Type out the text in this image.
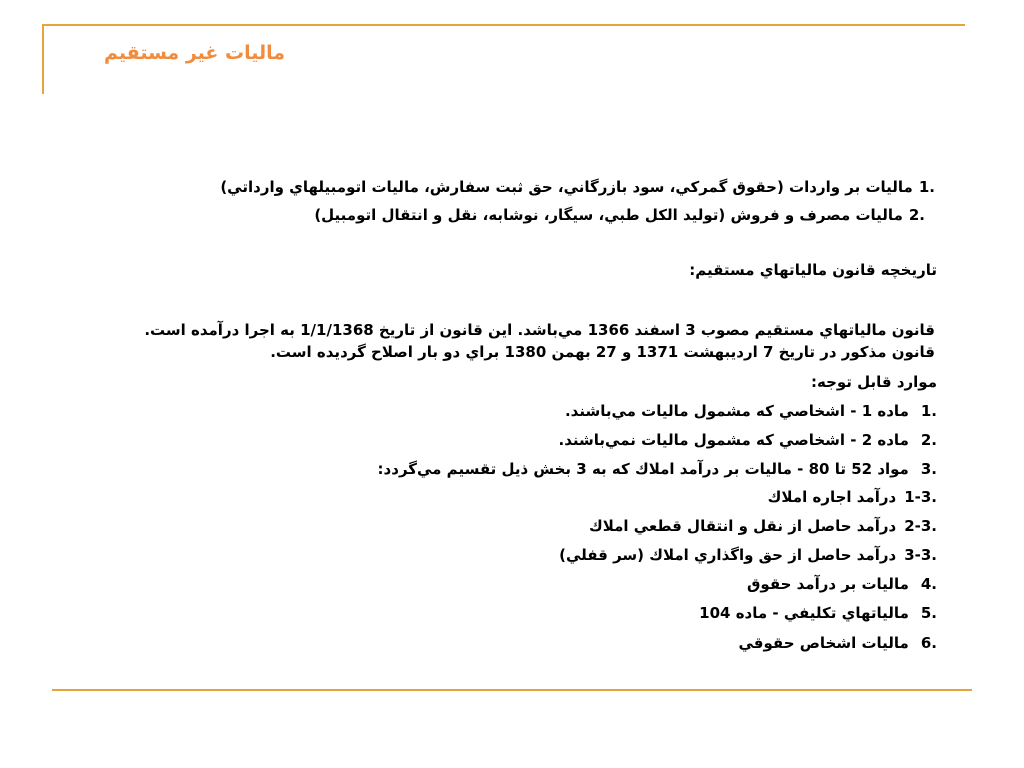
ماليات غير مستقيم
1.
ماليات بر واردات (حقوق گمركي، سود بازرگاني، حق ثبت سفارش، ماليات اتومبيلهاي وارداتي)
2.
ماليات مصرف و فروش (توليد الكل طبي، سيگار، نوشابه، نقل و انتقال اتومبيل)
تاريخچه قانون مالياتهاي مستقيم:
قانون مالياتهاي مستقيم مصوب 3 اسفند 1366 مي‌باشد. اين قانون از تاريخ 1/1/1368 به اجرا درآمده است.
قانون مذكور در تاريخ 7 ارديبهشت 1371 و 27 بهمن 1380 براي دو بار اصلاح گرديده است.
موارد قابل توجه:
1.
ماده 1 - اشخاصي كه مشمول ماليات مي‌باشند.
2.
ماده 2 - اشخاصي كه مشمول ماليات نمي‌باشند.
3.
مواد 52 تا 80 - ماليات بر درآمد املاك كه به 3 بخش ذيل تقسيم مي‌گردد:
1-3.
درآمد اجاره املاك
2-3.
درآمد حاصل از نقل و انتقال قطعي املاك
3-3.
درآمد حاصل از حق واگذاري املاك (سر قفلي)
4.
ماليات بر درآمد حقوق
5.
مالياتهاي تكليفي - ماده 104
6.
ماليات اشخاص حقوقي
